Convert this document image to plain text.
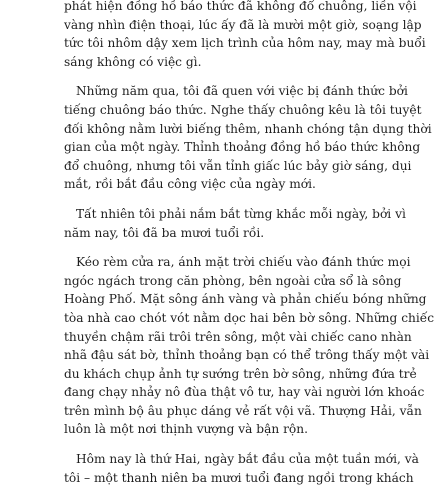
phát hiện đồng hồ báo thức đã không đổ chuông, liền vội
vàng nhìn điện thoại, lúc ấy đã là mười một giờ, soạng lập
tức tôi nhôm dậy xem lịch trình của hôm nay, may mà buổi
sáng không có việc gì.
Những năm qua, tôi đã quen với việc bị đánh thức bởi
tiếng chuông báo thức. Nghe thấy chuông kêu là tôi tuyệt
đối không nằm lười biếng thêm, nhanh chóng tận dụng thời
gian của một ngày. Thỉnh thoảng đồng hồ báo thức không
đổ chuông, nhưng tôi vẫn tỉnh giấc lúc bảy giờ sáng, dụi
mắt, rồi bắt đầu công việc của ngày mới.
Tất nhiên tôi phải nắm bắt từng khắc mỗi ngày, bởi vì
năm nay, tôi đã ba mươi tuổi rồi.
Kéo rèm cửa ra, ánh mặt trời chiếu vào đánh thức mọi
ngóc ngách trong căn phòng, bên ngoài cửa sổ là sông
Hoàng Phố. Mặt sông ánh vàng và phản chiếu bóng những
tòa nhà cao chót vót nằm dọc hai bên bờ sông. Những chiếc
thuyền chậm rãi trôi trên sông, một vài chiếc cano nhàn
nhã đậu sát bờ, thỉnh thoảng bạn có thể trông thấy một vài
du khách chụp ảnh tự sướng trên bờ sông, những đứa trẻ
đang chạy nhảy nô đùa thật vô tư, hay vài người lớn khoác
trên mình bộ âu phục dáng vẻ rất vội vã. Thượng Hải, vẫn
luôn là một nơi thịnh vượng và bận rộn.
Hôm nay là thứ Hai, ngày bắt đầu của một tuần mới, và
tôi – một thanh niên ba mươi tuổi đang ngồi trong khách
